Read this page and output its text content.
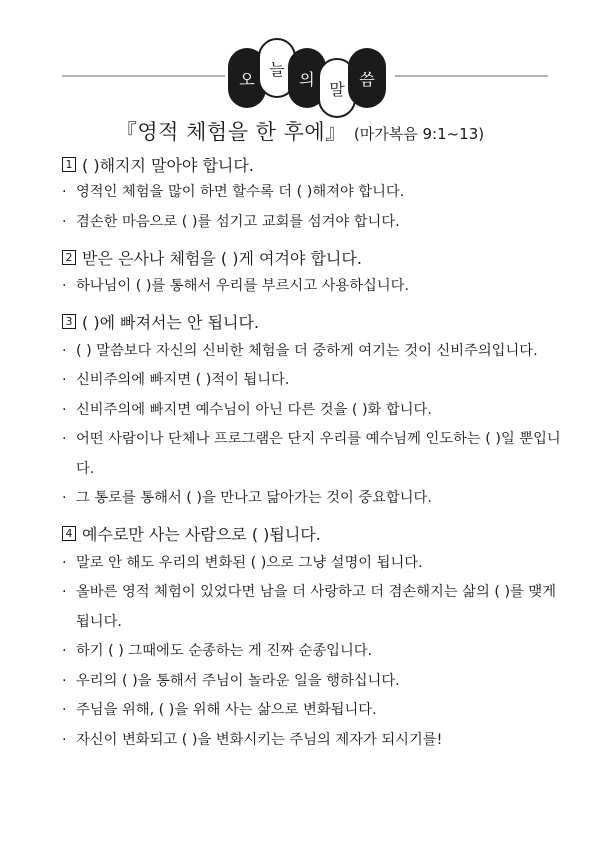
오
늘
의
말
씀
『영적 체험을 한 후에』 (마가복음 9:1~13)
1 ( )해지지 말아야 합니다.
· 영적인 체험을 많이 하면 할수록 더 ( )해져야 합니다.
· 겸손한 마음으로 ( )를 섬기고 교회를 섬겨야 합니다.
2 받은 은사나 체험을 ( )게 여겨야 합니다.
· 하나님이 ( )를 통해서 우리를 부르시고 사용하십니다.
3 ( )에 빠져서는 안 됩니다.
· ( ) 말씀보다 자신의 신비한 체험을 더 중하게 여기는 것이 신비주의입니다.
· 신비주의에 빠지면 ( )적이 됩니다.
· 신비주의에 빠지면 예수님이 아닌 다른 것을 ( )화 합니다.
· 어떤 사람이나 단체나 프로그램은 단지 우리를 예수님께 인도하는 ( )일 뿐입니다.
· 그 통로를 통해서 ( )을 만나고 닮아가는 것이 중요합니다.
4 예수로만 사는 사람으로 ( )됩니다.
· 말로 안 해도 우리의 변화된 ( )으로 그냥 설명이 됩니다.
· 올바른 영적 체험이 있었다면 남을 더 사랑하고 더 겸손해지는 삶의 ( )를 맺게 됩니다.
· 하기 ( ) 그때에도 순종하는 게 진짜 순종입니다.
· 우리의 ( )을 통해서 주님이 놀라운 일을 행하십니다.
· 주님을 위해, ( )을 위해 사는 삶으로 변화됩니다.
· 자신이 변화되고 ( )을 변화시키는 주님의 제자가 되시기를!
